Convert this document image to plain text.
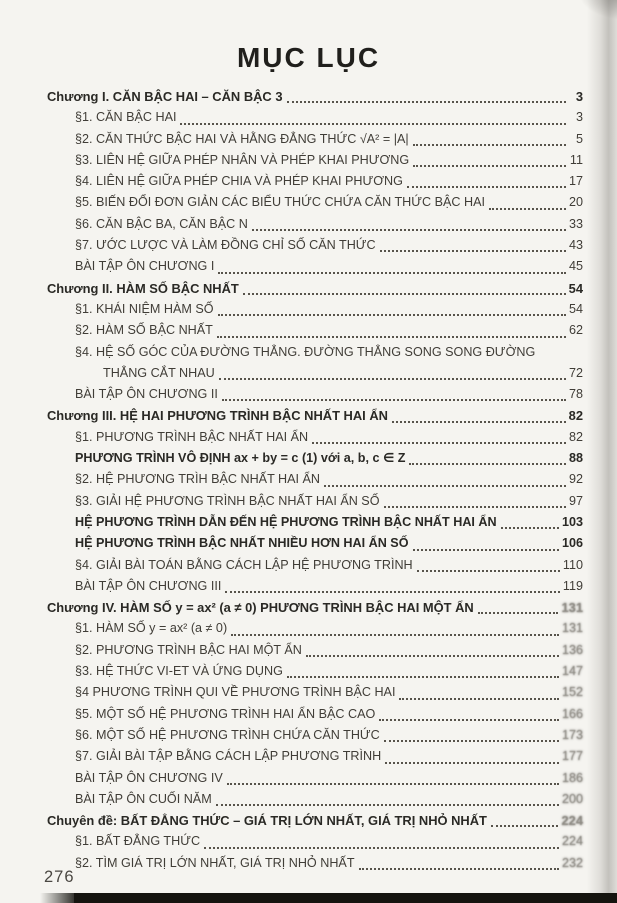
MỤC LỤC
Chương I. CĂN BẬC HAI – CĂN BẬC 3	3
§1. CĂN BẬC HAI	3
§2. CĂN THỨC BẬC HAI VÀ HẰNG ĐẲNG THỨC √A² = |A|	5
§3. LIÊN HỆ GIỮA PHÉP NHÂN VÀ PHÉP KHAI PHƯƠNG	11
§4. LIÊN HỆ GIỮA PHÉP CHIA VÀ PHÉP KHAI PHƯƠNG	17
§5. BIẾN ĐỔI ĐƠN GIẢN CÁC BIỂU THỨC CHỨA CĂN THỨC BẬC HAI	20
§6. CĂN BẬC BA, CĂN BẬC N	33
§7. ƯỚC LƯỢC VÀ LÀM ĐỒNG CHỈ SỐ CĂN THỨC	43
BÀI TẬP ÔN CHƯƠNG I	45
Chương II. HÀM SỐ BẬC NHẤT	54
§1. KHÁI NIỆM HÀM SỐ	54
§2. HÀM SỐ BẬC NHẤT	62
§4. HỆ SỐ GÓC CỦA ĐƯỜNG THẲNG. ĐƯỜNG THẲNG SONG SONG ĐƯỜNG
THẲNG CẮT NHAU	72
BÀI TẬP ÔN CHƯƠNG II	78
Chương III. HỆ HAI PHƯƠNG TRÌNH BẬC NHẤT HAI ẨN	82
§1. PHƯƠNG TRÌNH BẬC NHẤT HAI ẨN	82
PHƯƠNG TRÌNH VÔ ĐỊNH ax + by = c (1) với a, b, c ∈ Z	88
§2. HỆ PHƯƠNG TRÌH BẬC NHẤT HAI ẨN	92
§3. GIẢI HỆ PHƯƠNG TRÌNH BẬC NHẤT HAI ẨN SỐ	97
HỆ PHƯƠNG TRÌNH DẪN ĐẾN HỆ PHƯƠNG TRÌNH BẬC NHẤT HAI ẨN	103
HỆ PHƯƠNG TRÌNH BẬC NHẤT NHIỀU HƠN HAI ẨN SỐ	106
§4. GIẢI BÀI TOÁN BẰNG CÁCH LẬP HỆ PHƯƠNG TRÌNH	110
BÀI TẬP ÔN CHƯƠNG III	119
Chương IV. HÀM SỐ y = ax² (a ≠ 0) PHƯƠNG TRÌNH BẬC HAI MỘT ẨN	131
§1. HÀM SỐ y = ax² (a ≠ 0)	131
§2. PHƯƠNG TRÌNH BẬC HAI MỘT ẨN	136
§3. HỆ THỨC VI-ET VÀ ỨNG DỤNG	147
§4 PHƯƠNG TRÌNH QUI VỀ PHƯƠNG TRÌNH BẬC HAI	152
§5. MỘT SỐ HỆ PHƯƠNG TRÌNH HAI ẨN BẬC CAO	166
§6. MỘT SỐ HỆ PHƯƠNG TRÌNH CHỨA CĂN THỨC	173
§7. GIẢI BÀI TẬP BẰNG CÁCH LẬP PHƯƠNG TRÌNH	177
BÀI TẬP ÔN CHƯƠNG IV	186
BÀI TẬP ÔN CUỐI NĂM	200
Chuyên đề: BẤT ĐẲNG THỨC – GIÁ TRỊ LỚN NHẤT, GIÁ TRỊ NHỎ NHẤT	224
§1. BẤT ĐẲNG THỨC	224
§2. TÌM GIÁ TRỊ LỚN NHẤT, GIÁ TRỊ NHỎ NHẤT	232
276
